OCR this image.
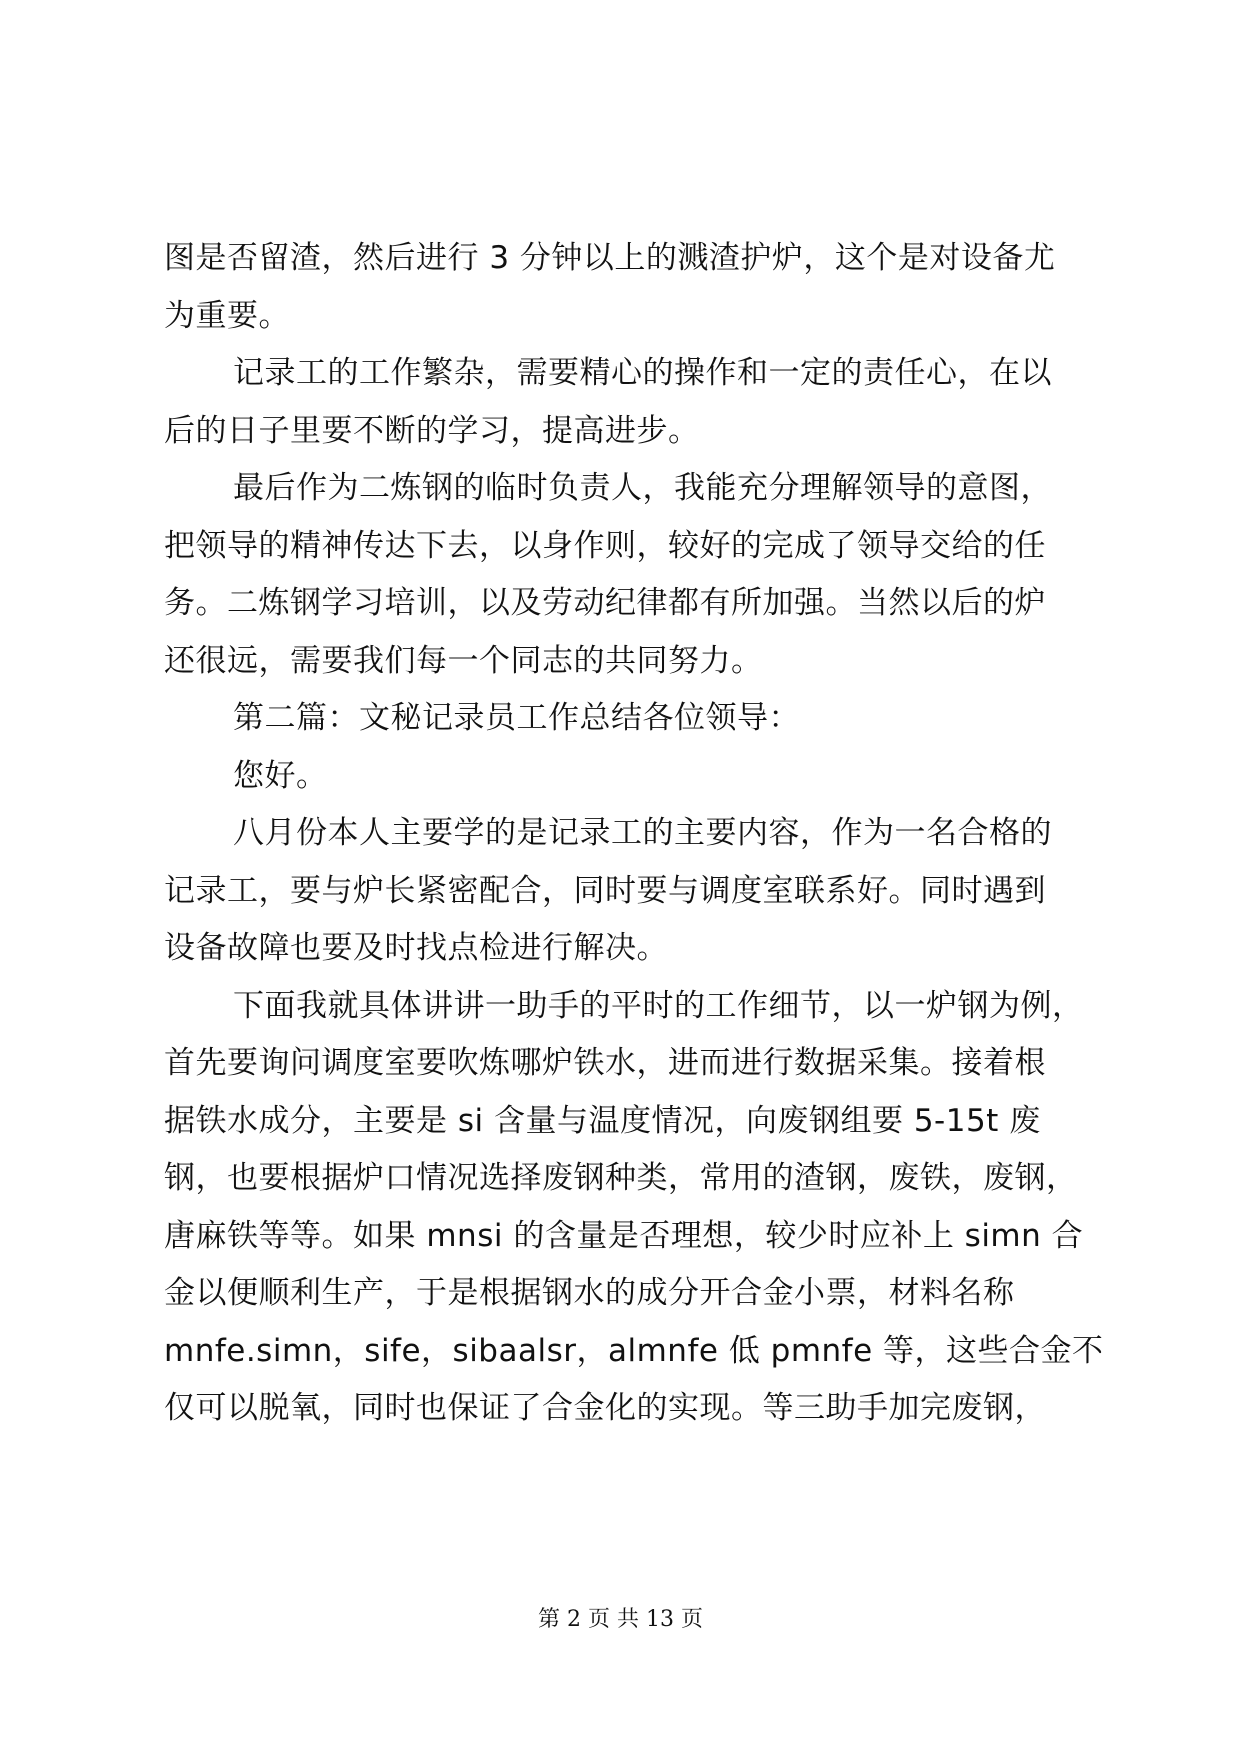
图是否留渣，然后进行 3 分钟以上的溅渣护炉，这个是对设备尤
为重要。
记录工的工作繁杂，需要精心的操作和一定的责任心，在以
后的日子里要不断的学习，提高进步。
最后作为二炼钢的临时负责人，我能充分理解领导的意图，
把领导的精神传达下去，以身作则，较好的完成了领导交给的任
务。二炼钢学习培训，以及劳动纪律都有所加强。当然以后的炉
还很远，需要我们每一个同志的共同努力。
第二篇：文秘记录员工作总结各位领导：
您好。
八月份本人主要学的是记录工的主要内容，作为一名合格的
记录工，要与炉长紧密配合，同时要与调度室联系好。同时遇到
设备故障也要及时找点检进行解决。
下面我就具体讲讲一助手的平时的工作细节，以一炉钢为例，
首先要询问调度室要吹炼哪炉铁水，进而进行数据采集。接着根
据铁水成分，主要是 si 含量与温度情况，向废钢组要 5-15t 废
钢，也要根据炉口情况选择废钢种类，常用的渣钢，废铁，废钢，
唐麻铁等等。如果 mnsi 的含量是否理想，较少时应补上 simn 合
金以便顺利生产，于是根据钢水的成分开合金小票，材料名称
mnfe.simn，sife，sibaalsr，almnfe 低 pmnfe 等，这些合金不
仅可以脱氧，同时也保证了合金化的实现。等三助手加完废钢，
第 2 页 共 13 页
